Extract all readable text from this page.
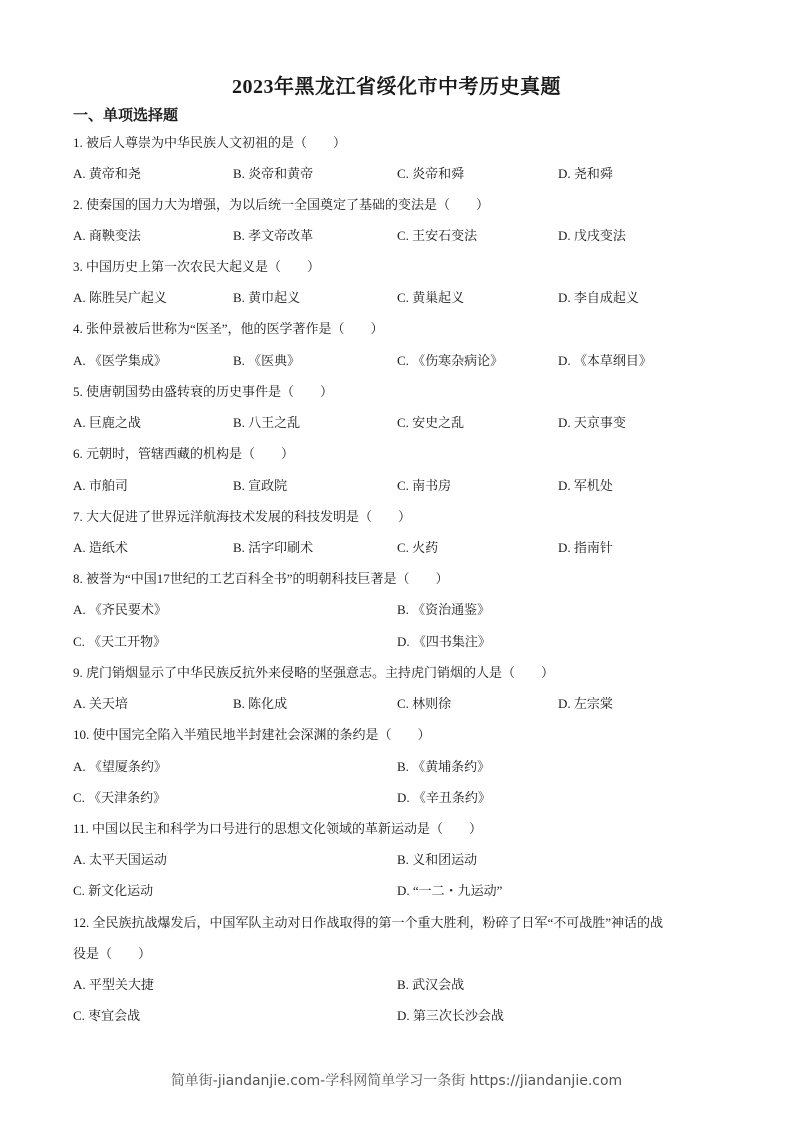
2023年黑龙江省绥化市中考历史真题
一、单项选择题
1. 被后人尊崇为中华民族人文初祖的是（　　）
A. 黄帝和尧	B. 炎帝和黄帝	C. 炎帝和舜	D. 尧和舜
2. 使秦国的国力大为增强，为以后统一全国奠定了基础的变法是（　　）
A. 商鞅变法	B. 孝文帝改革	C. 王安石变法	D. 戊戌变法
3. 中国历史上第一次农民大起义是（　　）
A. 陈胜吴广起义	B. 黄巾起义	C. 黄巢起义	D. 李自成起义
4. 张仲景被后世称为“医圣”，他的医学著作是（　　）
A. 《医学集成》	B. 《医典》	C. 《伤寒杂病论》	D. 《本草纲目》
5. 使唐朝国势由盛转衰的历史事件是（　　）
A. 巨鹿之战	B. 八王之乱	C. 安史之乱	D. 天京事变
6. 元朝时，管辖西藏的机构是（　　）
A. 市舶司	B. 宣政院	C. 南书房	D. 军机处
7. 大大促进了世界远洋航海技术发展的科技发明是（　　）
A. 造纸术	B. 活字印刷术	C. 火药	D. 指南针
8. 被誉为“中国17世纪的工艺百科全书”的明朝科技巨著是（　　）
A. 《齐民要术》	B. 《资治通鉴》
C. 《天工开物》	D. 《四书集注》
9. 虎门销烟显示了中华民族反抗外来侵略的坚强意志。主持虎门销烟的人是（　　）
A. 关天培	B. 陈化成	C. 林则徐	D. 左宗棠
10. 使中国完全陷入半殖民地半封建社会深渊的条约是（　　）
A. 《望厦条约》	B. 《黄埔条约》
C. 《天津条约》	D. 《辛丑条约》
11. 中国以民主和科学为口号进行的思想文化领域的革新运动是（　　）
A. 太平天国运动	B. 义和团运动
C. 新文化运动	D. “一二・九运动”
12. 全民族抗战爆发后，中国军队主动对日作战取得的第一个重大胜利，粉碎了日军“不可战胜”神话的战
役是（　　）
A. 平型关大捷	B. 武汉会战
C. 枣宜会战	D. 第三次长沙会战
简单街-jiandanjie.com-学科网简单学习一条街 https://jiandanjie.com
